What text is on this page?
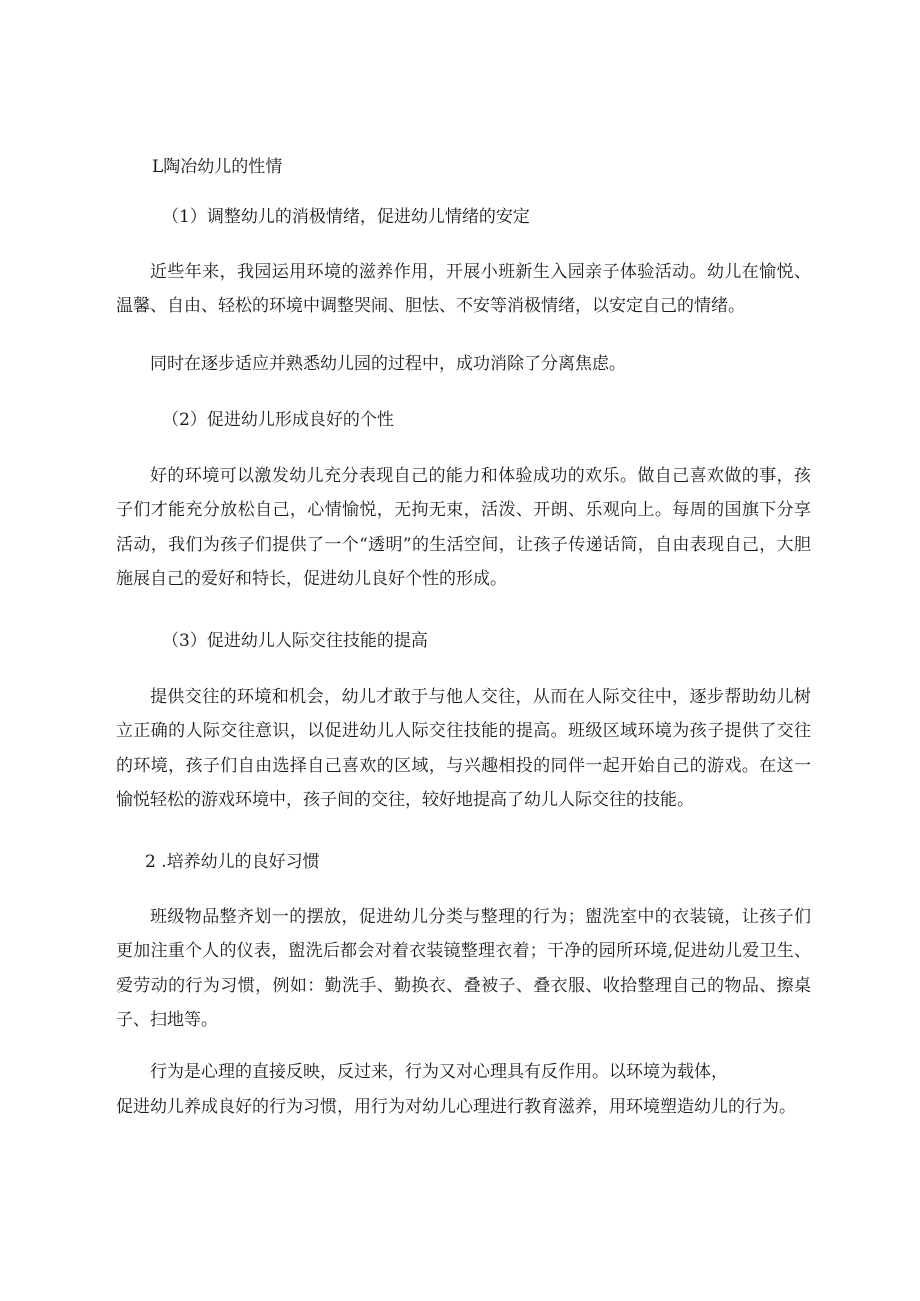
L陶冶幼儿的性情
（1）调整幼儿的消极情绪，促进幼儿情绪的安定

近些年来，我园运用环境的滋养作用，开展小班新生入园亲子体验活动。幼儿在愉悦、温馨、自由、轻松的环境中调整哭闹、胆怯、不安等消极情绪，以安定自己的情绪。

同时在逐步适应并熟悉幼儿园的过程中，成功消除了分离焦虑。

（2）促进幼儿形成良好的个性

好的环境可以激发幼儿充分表现自己的能力和体验成功的欢乐。做自己喜欢做的事，孩子们才能充分放松自己，心情愉悦，无拘无束，活泼、开朗、乐观向上。每周的国旗下分享活动，我们为孩子们提供了一个“透明”的生活空间，让孩子传递话筒，自由表现自己，大胆施展自己的爱好和特长，促进幼儿良好个性的形成。

（3）促进幼儿人际交往技能的提高

提供交往的环境和机会，幼儿才敢于与他人交往，从而在人际交往中，逐步帮助幼儿树立正确的人际交往意识，以促进幼儿人际交往技能的提高。班级区域环境为孩子提供了交往的环境，孩子们自由选择自己喜欢的区域，与兴趣相投的同伴一起开始自己的游戏。在这一愉悦轻松的游戏环境中，孩子间的交往，较好地提高了幼儿人际交往的技能。

2 .培养幼儿的良好习惯

班级物品整齐划一的摆放，促进幼儿分类与整理的行为；盥洗室中的衣装镜，让孩子们更加注重个人的仪表，盥洗后都会对着衣装镜整理衣着；干净的园所环境,促进幼儿爱卫生、爱劳动的行为习惯，例如：勤洗手、勤换衣、叠被子、叠衣服、收拾整理自己的物品、擦桌子、扫地等。

行为是心理的直接反映，反过来，行为又对心理具有反作用。以环境为载体，
促进幼儿养成良好的行为习惯，用行为对幼儿心理进行教育滋养，用环境塑造幼儿的行为。
